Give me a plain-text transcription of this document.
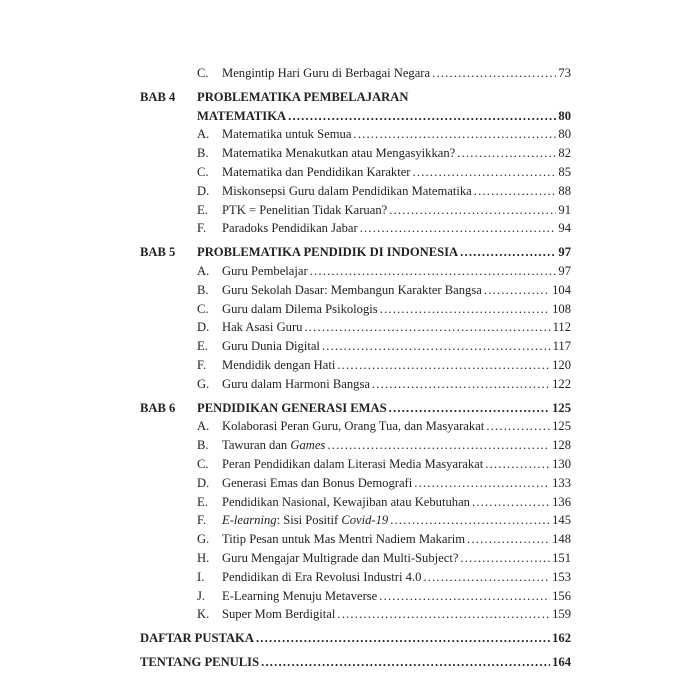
C.	Mengintip Hari Guru di Berbagai Negara .....	73
BAB 4	PROBLEMATIKA PEMBELAJARAN
MATEMATIKA .....	80
A.	Matematika untuk Semua .....	80
B.	Matematika Menakutkan atau Mengasyikkan? .....	82
C.	Matematika dan Pendidikan Karakter .....	85
D.	Miskonsepsi Guru dalam Pendidikan Matematika .....	88
E.	PTK = Penelitian Tidak Karuan? .....	91
F.	Paradoks Pendidikan Jabar .....	94
BAB 5	PROBLEMATIKA PENDIDIK DI INDONESIA .....	97
A.	Guru Pembelajar .....	97
B.	Guru Sekolah Dasar: Membangun Karakter Bangsa .....	104
C.	Guru dalam Dilema Psikologis .....	108
D.	Hak Asasi Guru .....	112
E.	Guru Dunia Digital .....	117
F.	Mendidik dengan Hati .....	120
G.	Guru dalam Harmoni Bangsa .....	122
BAB 6	PENDIDIKAN GENERASI EMAS .....	125
A.	Kolaborasi Peran Guru, Orang Tua, dan Masyarakat .....	125
B.	Tawuran dan Games .....	128
C.	Peran Pendidikan dalam Literasi Media Masyarakat .....	130
D.	Generasi Emas dan Bonus Demografi .....	133
E.	Pendidikan Nasional, Kewajiban atau Kebutuhan .....	136
F.	E-learning: Sisi Positif Covid-19 .....	145
G.	Titip Pesan untuk Mas Mentri Nadiem Makarim .....	148
H.	Guru Mengajar Multigrade dan Multi-Subject? .....	151
I.	Pendidikan di Era Revolusi Industri 4.0 .....	153
J.	E-Learning Menuju Metaverse .....	156
K.	Super Mom Berdigital .....	159
DAFTAR PUSTAKA .....	162
TENTANG PENULIS .....	164
